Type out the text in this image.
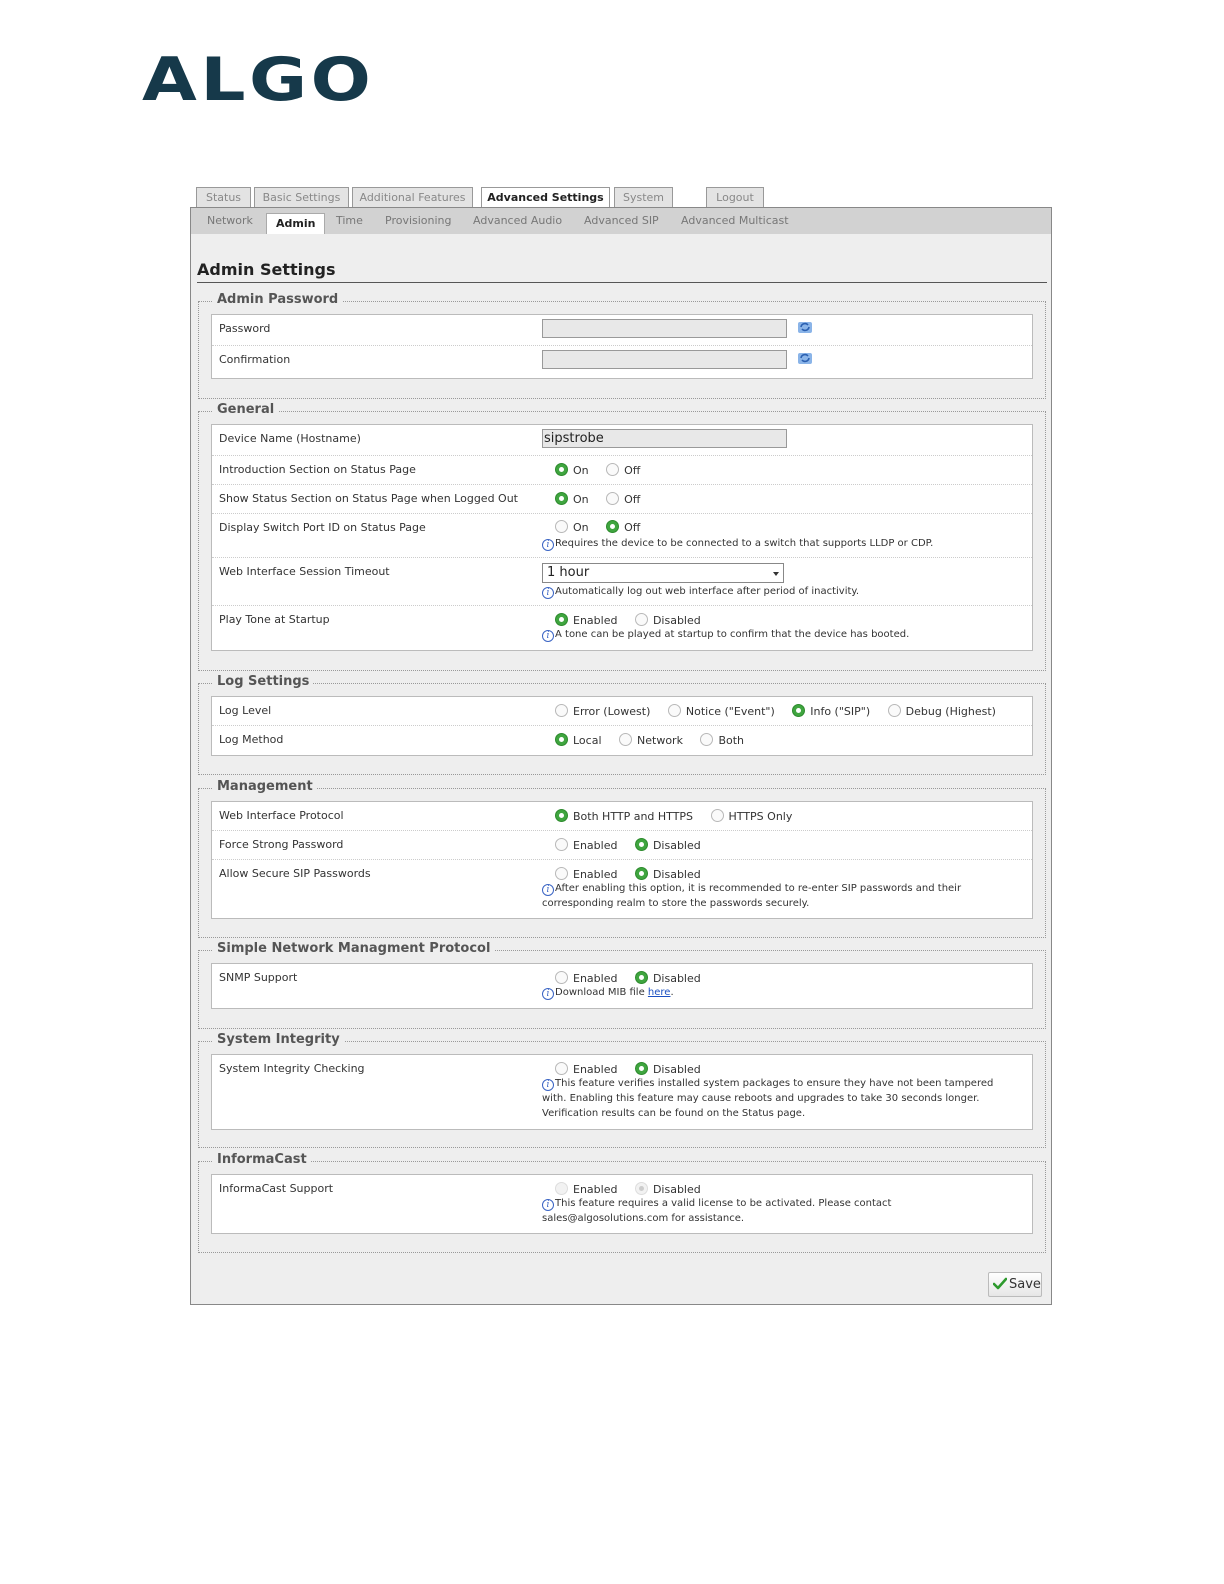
ALGO
Status	Basic Settings	Additional Features	Advanced Settings	System	Logout
Network	Admin	Time Provisioning Advanced Audio Advanced SIP Advanced Multicast
Admin Settings
Admin Password
Password

Confirmation

General
Device Name (Hostname)	sipstrobe
Introduction Section on Status Page	On	Off
Show Status Section on Status Page when Logged Out	On	Off
Display Switch Port ID on Status Page	On	Off
i Requires the device to be connected to a switch that supports LLDP or CDP.
Web Interface Session Timeout	1 hour
i Automatically log out web interface after period of inactivity.
Play Tone at Startup	Enabled	Disabled
i A tone can be played at startup to confirm that the device has booted.
Log Settings
Log Level	Error (Lowest)	Notice ("Event")	Info ("SIP")	Debug (Highest)
Log Method	Local	Network	Both
Management
Web Interface Protocol	Both HTTP and HTTPS	HTTPS Only
Force Strong Password	Enabled	Disabled
Allow Secure SIP Passwords	Enabled	Disabled
i After enabling this option, it is recommended to re-enter SIP passwords and their
corresponding realm to store the passwords securely.
Simple Network Managment Protocol
SNMP Support	Enabled	Disabled
i Download MIB file here.
System Integrity
System Integrity Checking	Enabled	Disabled
i This feature verifies installed system packages to ensure they have not been tampered
with. Enabling this feature may cause reboots and upgrades to take 30 seconds longer.
Verification results can be found on the Status page.
InformaCast
InformaCast Support	Enabled	Disabled
i This feature requires a valid license to be activated. Please contact
sales@algosolutions.com for assistance.
Save
